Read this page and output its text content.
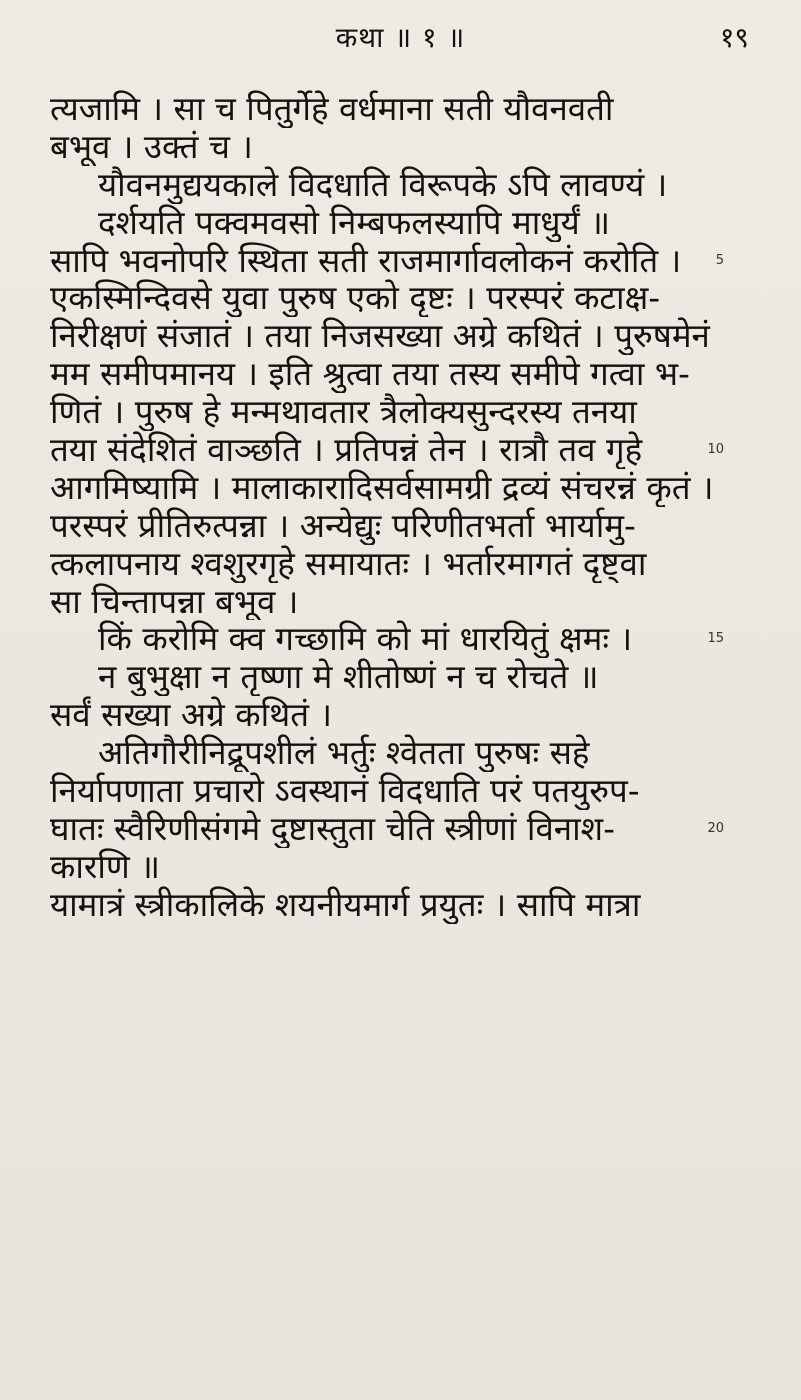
कथा ॥ १ ॥	१९
त्यजामि । सा च पितुर्गेहे वर्धमाना सती यौवनवती
बभूव । उक्तं च ।
यौवनमुद्ययकाले विदधाति विरूपके ऽपि लावण्यं ।
दर्शयति पक्वमवसो निम्बफलस्यापि माधुर्यं ॥
सापि भवनोपरि स्थिता सती राजमार्गावलोकनं करोति ।	5
एकस्मिन्दिवसे युवा पुरुष एको दृष्टः । परस्परं कटाक्ष-
निरीक्षणं संजातं । तया निजसख्या अग्रे कथितं । पुरुषमेनं
मम समीपमानय । इति श्रुत्वा तया तस्य समीपे गत्वा भ-
णितं । पुरुष हे मन्मथावतार त्रैलोक्यसुन्दरस्य तनया
तया संदेशितं वाञ्छति । प्रतिपन्नं तेन । रात्रौ तव गृहे	10
आगमिष्यामि । मालाकारादिसर्वसामग्री द्रव्यं संचरन्नं कृतं ।
परस्परं प्रीतिरुत्पन्ना । अन्येद्युः परिणीतभर्ता भार्यामु-
त्कलापनाय श्वशुरगृहे समायातः । भर्तारमागतं दृष्ट्वा
सा चिन्तापन्ना बभूव ।
किं करोमि क्व गच्छामि को मां धारयितुं क्षमः ।	15
न बुभुक्षा न तृष्णा मे शीतोष्णं न च रोचते ॥
सर्वं सख्या अग्रे कथितं ।
अतिगौरीनिद्रूपशीलं भर्तुः श्वेतता पुरुषः सहे
निर्यापणाता प्रचारो ऽवस्थानं विदधाति परं पतयुरुप-
घातः स्वैरिणीसंगमे दुष्टास्तुता चेति स्त्रीणां विनाश-	20
कारणि ॥
यामात्रं स्त्रीकालिके शयनीयमार्ग प्रयुतः । सापि मात्रा
